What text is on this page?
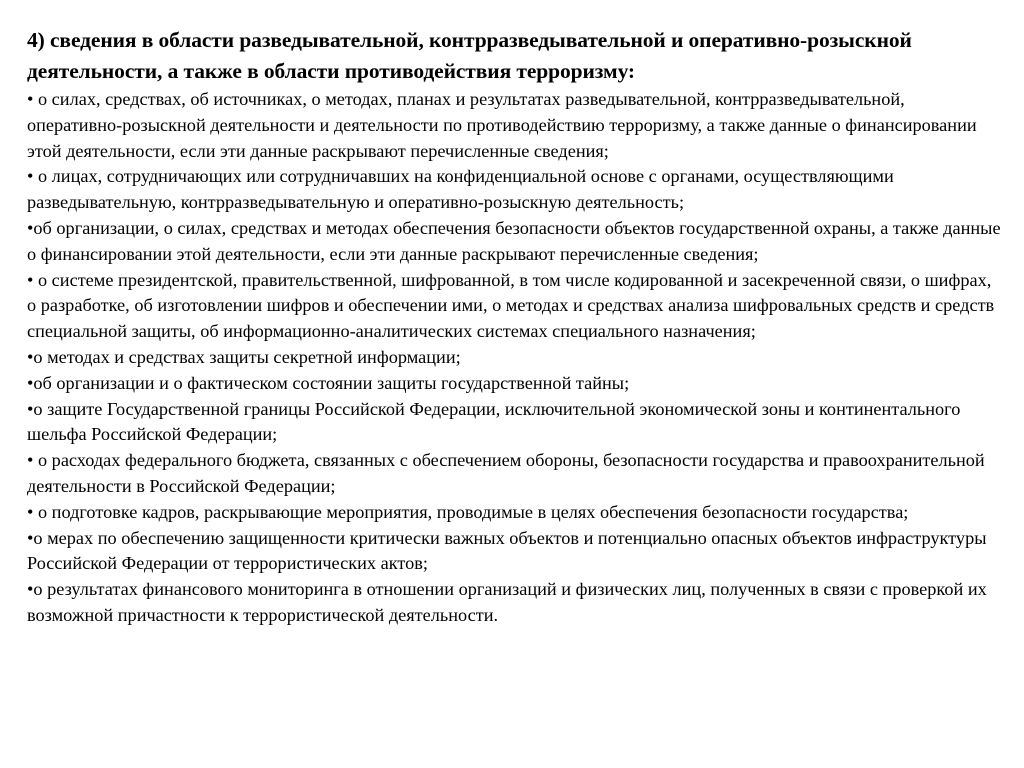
4) сведения в области разведывательной, контрразведывательной и оперативно-розыскной деятельности, а также в области противодействия терроризму:

• о силах, средствах, об источниках, о методах, планах и результатах разведывательной, контрразведывательной, оперативно-розыскной деятельности и деятельности по противодействию терроризму, а также данные о финансировании этой деятельности, если эти данные раскрывают перечисленные сведения;

• о лицах, сотрудничающих или сотрудничавших на конфиденциальной основе с органами, осуществляющими разведывательную, контрразведывательную и оперативно-розыскную деятельность;

•об организации, о силах, средствах и методах обеспечения безопасности объектов государственной охраны, а также данные о финансировании этой деятельности, если эти данные раскрывают перечисленные сведения;

• о системе президентской, правительственной, шифрованной, в том числе кодированной и засекреченной связи, о шифрах, о разработке, об изготовлении шифров и обеспечении ими, о методах и средствах анализа шифровальных средств и средств специальной защиты, об информационно-аналитических системах специального назначения;

•о методах и средствах защиты секретной информации;

•об организации и о фактическом состоянии защиты государственной тайны;

•о защите Государственной границы Российской Федерации, исключительной экономической зоны и континентального шельфа Российской Федерации;

• о расходах федерального бюджета, связанных с обеспечением обороны, безопасности государства и правоохранительной деятельности в Российской Федерации;

• о подготовке кадров, раскрывающие мероприятия, проводимые в целях обеспечения безопасности государства;

•о мерах по обеспечению защищенности критически важных объектов и потенциально опасных объектов инфраструктуры Российской Федерации от террористических актов;

•о результатах финансового мониторинга в отношении организаций и физических лиц, полученных в связи с проверкой их возможной причастности к террористической деятельности.
